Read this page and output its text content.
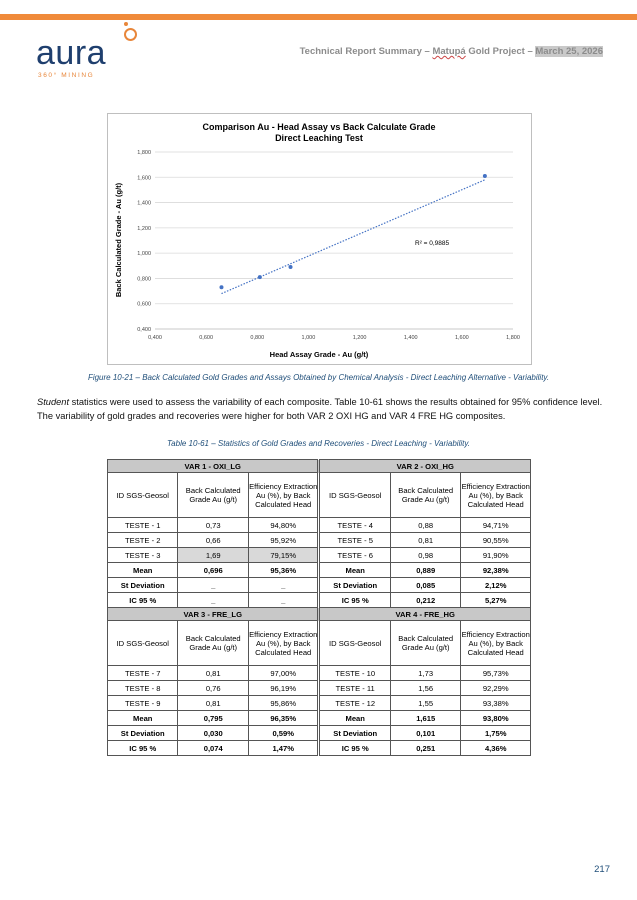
aura
360° MINING
Technical Report Summary – Matupá Gold Project – March 25, 2026
Comparison Au - Head Assay vs Back Calculate Grade
Direct Leaching Test
Head Assay Grade - Au (g/t)
Back Calculated Grade - Au (g/t)
0,400
0,600
0,800
1,000
1,200
1,400
1,600
1,800
0,400	0,600	0,800	1,000	1,200	1,400	1,600	1,800
R² = 0,9885
Figure 10-21 – Back Calculated Gold Grades and Assays Obtained by Chemical Analysis - Direct Leaching Alternative - Variability.
Student statistics were used to assess the variability of each composite. Table 10-61 shows the results obtained for 95% confidence level. The variability of gold grades and recoveries were higher for both VAR 2 OXI HG and VAR 4 FRE HG composites.
Table 10-61 – Statistics of Gold Grades and Recoveries - Direct Leaching - Variability.
VAR 1 - OXI_LG				VAR 2 - OXI_HG		
ID SGS-Geosol	Back Calculated Grade Au (g/t)	Efficiency Extraction Au (%), by Back Calculated Head		ID SGS-Geosol	Back Calculated Grade Au (g/t)	Efficiency Extraction Au (%), by Back Calculated Head
TESTE - 1	0,73	94,80%		TESTE - 4	0,88	94,71%
TESTE - 2	0,66	95,92%		TESTE - 5	0,81	90,55%
TESTE - 3	1,69	79,15%		TESTE - 6	0,98	91,90%
Mean	0,696	95,36%		Mean	0,889	92,38%
St Deviation	_	_		St Deviation	0,085	2,12%
IC 95 %	_	_		IC 95 %	0,212	5,27%
VAR 3 - FRE_LG				VAR 4 - FRE_HG		
ID SGS-Geosol	Back Calculated Grade Au (g/t)	Efficiency Extraction Au (%), by Back Calculated Head		ID SGS-Geosol	Back Calculated Grade Au (g/t)	Efficiency Extraction Au (%), by Back Calculated Head
TESTE - 7	0,81	97,00%		TESTE - 10	1,73	95,73%
TESTE - 8	0,76	96,19%		TESTE - 11	1,56	92,29%
TESTE - 9	0,81	95,86%		TESTE - 12	1,55	93,38%
Mean	0,795	96,35%		Mean	1,615	93,80%
St Deviation	0,030	0,59%		St Deviation	0,101	1,75%
IC 95 %	0,074	1,47%		IC 95 %	0,251	4,36%
217
